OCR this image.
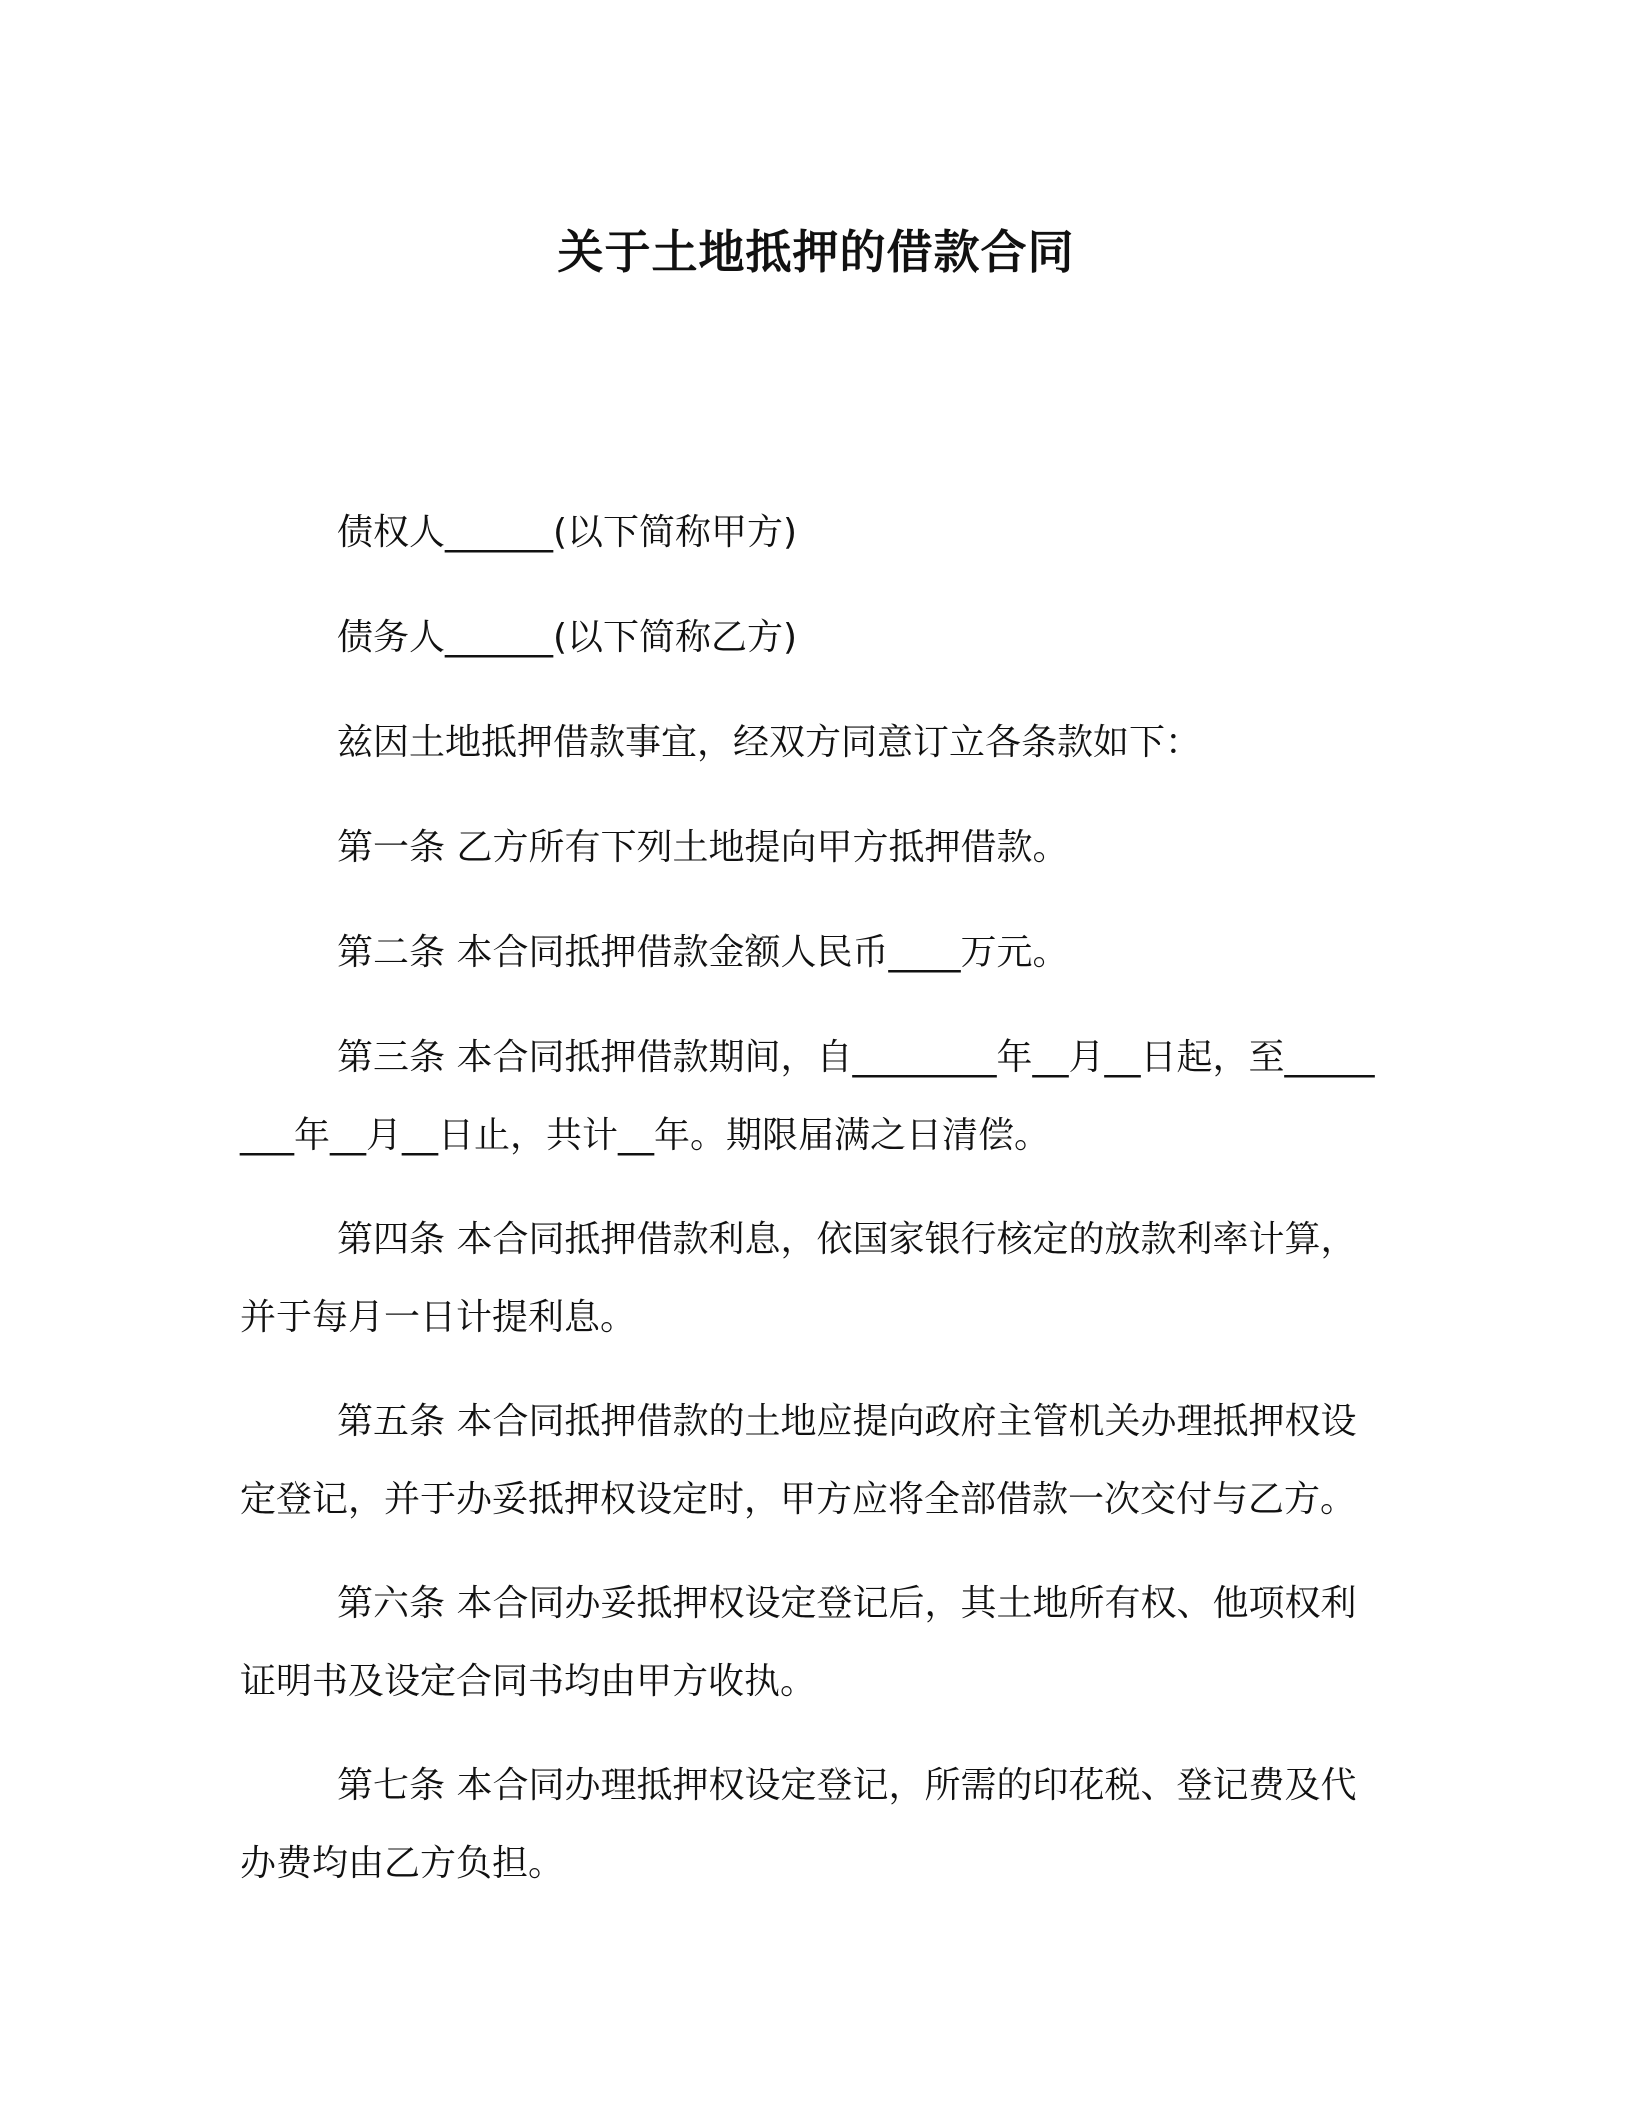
关于土地抵押的借款合同

债权人______(以下简称甲方)

债务人______(以下简称乙方)

兹因土地抵押借款事宜，经双方同意订立各条款如下：

第一条 乙方所有下列土地提向甲方抵押借款。

第二条 本合同抵押借款金额人民币____万元。

第三条 本合同抵押借款期间，自________年__月__日起，至________年__月__日止，共计__年。期限届满之日清偿。

第四条 本合同抵押借款利息，依国家银行核定的放款利率计算，并于每月一日计提利息。

第五条 本合同抵押借款的土地应提向政府主管机关办理抵押权设定登记，并于办妥抵押权设定时，甲方应将全部借款一次交付与乙方。

第六条 本合同办妥抵押权设定登记后，其土地所有权、他项权利证明书及设定合同书均由甲方收执。

第七条 本合同办理抵押权设定登记，所需的印花税、登记费及代办费均由乙方负担。
